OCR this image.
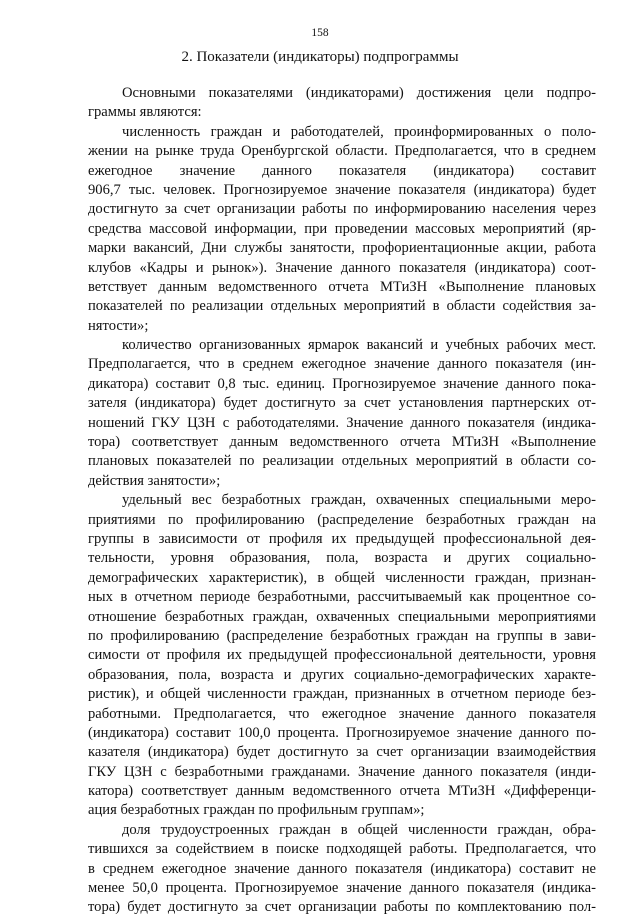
158
2. Показатели (индикаторы) подпрограммы
Основными показателями (индикаторами) достижения цели подпро-
граммы являются:
численность граждан и работодателей, проинформированных о поло-
жении на рынке труда Оренбургской области. Предполагается, что в среднем
ежегодное значение данного показателя (индикатора) составит
906,7 тыс. человек. Прогнозируемое значение показателя (индикатора) будет
достигнуто за счет организации работы по информированию населения через
средства массовой информации, при проведении массовых мероприятий (яр-
марки вакансий, Дни службы занятости, профориентационные акции, работа
клубов «Кадры и рынок»). Значение данного показателя (индикатора) соот-
ветствует данным ведомственного отчета МТиЗН «Выполнение плановых
показателей по реализации отдельных мероприятий в области содействия за-
нятости»;
количество организованных ярмарок вакансий и учебных рабочих мест.
Предполагается, что в среднем ежегодное значение данного показателя (ин-
дикатора) составит 0,8 тыс. единиц. Прогнозируемое значение данного пока-
зателя (индикатора) будет достигнуто за счет установления партнерских от-
ношений ГКУ ЦЗН с работодателями. Значение данного показателя (индика-
тора) соответствует данным ведомственного отчета МТиЗН «Выполнение
плановых показателей по реализации отдельных мероприятий в области со-
действия занятости»;
удельный вес безработных граждан, охваченных специальными меро-
приятиями по профилированию (распределение безработных граждан на
группы в зависимости от профиля их предыдущей профессиональной дея-
тельности, уровня образования, пола, возраста и других социально-
демографических характеристик), в общей численности граждан, признан-
ных в отчетном периоде безработными, рассчитываемый как процентное со-
отношение безработных граждан, охваченных специальными мероприятиями
по профилированию (распределение безработных граждан на группы в зави-
симости от профиля их предыдущей профессиональной деятельности, уровня
образования, пола, возраста и других социально-демографических характе-
ристик), и общей численности граждан, признанных в отчетном периоде без-
работными. Предполагается, что ежегодное значение данного показателя
(индикатора) составит 100,0 процента. Прогнозируемое значение данного по-
казателя (индикатора) будет достигнуто за счет организации взаимодействия
ГКУ ЦЗН с безработными гражданами. Значение данного показателя (инди-
катора) соответствует данным ведомственного отчета МТиЗН «Дифференци-
ация безработных граждан по профильным группам»;
доля трудоустроенных граждан в общей численности граждан, обра-
тившихся за содействием в поиске подходящей работы. Предполагается, что
в среднем ежегодное значение данного показателя (индикатора) составит не
менее 50,0 процента. Прогнозируемое значение данного показателя (индика-
тора) будет достигнуто за счет организации работы по комплектованию пол-
